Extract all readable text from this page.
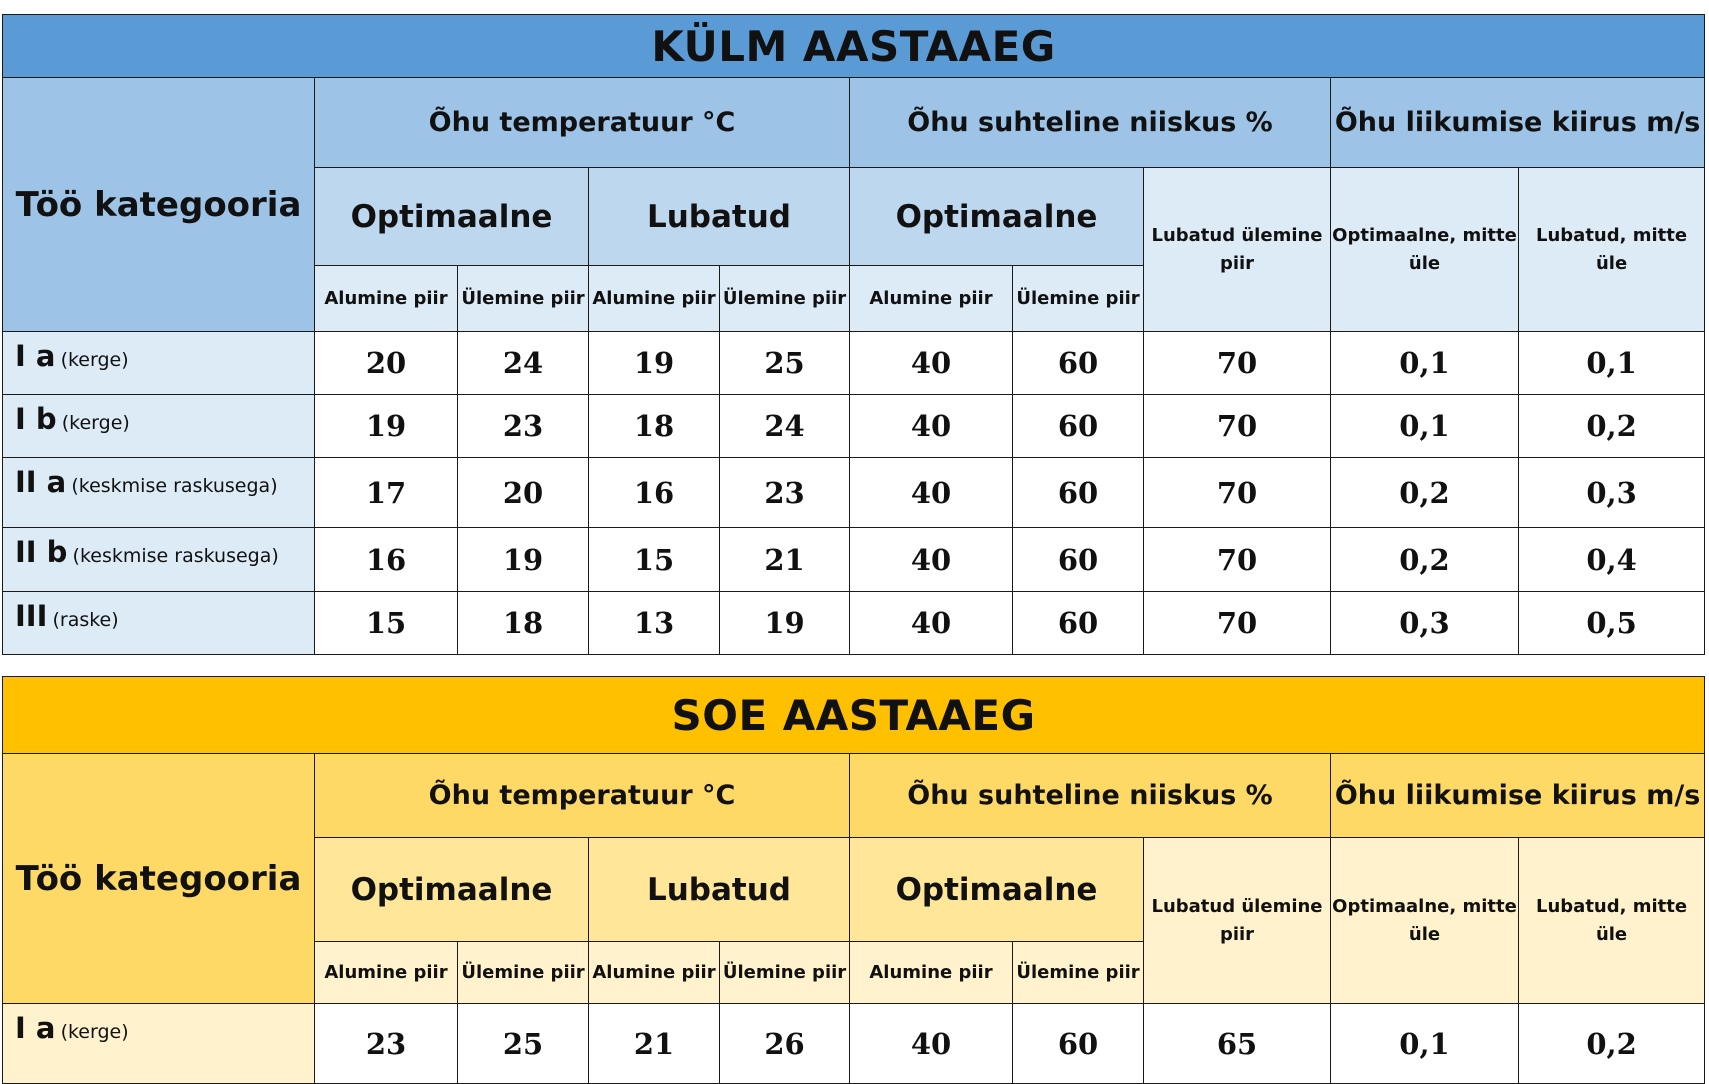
KÜLM AASTAAEG									
Töö kategooria	Õhu temperatuur °C				Õhu suhteline niiskus %			Õhu liikumise kiirus m/s	
	Optimaalne		Lubatud		Optimaalne		Lubatud ülemine piir	Optimaalne, mitte üle	Lubatud, mitte üle
	Alumine piir	Ülemine piir	Alumine piir	Ülemine piir	Alumine piir	Ülemine piir			
I a (kerge)	20	24	19	25	40	60	70	0,1	0,1
I b (kerge)	19	23	18	24	40	60	70	0,1	0,2
II a (keskmise raskusega)	17	20	16	23	40	60	70	0,2	0,3
II b (keskmise raskusega)	16	19	15	21	40	60	70	0,2	0,4
III (raske)	15	18	13	19	40	60	70	0,3	0,5
SOE AASTAAEG									
Töö kategooria	Õhu temperatuur °C				Õhu suhteline niiskus %			Õhu liikumise kiirus m/s	
	Optimaalne		Lubatud		Optimaalne		Lubatud ülemine piir	Optimaalne, mitte üle	Lubatud, mitte üle
	Alumine piir	Ülemine piir	Alumine piir	Ülemine piir	Alumine piir	Ülemine piir			
I a (kerge)	23	25	21	26	40	60	65	0,1	0,2
